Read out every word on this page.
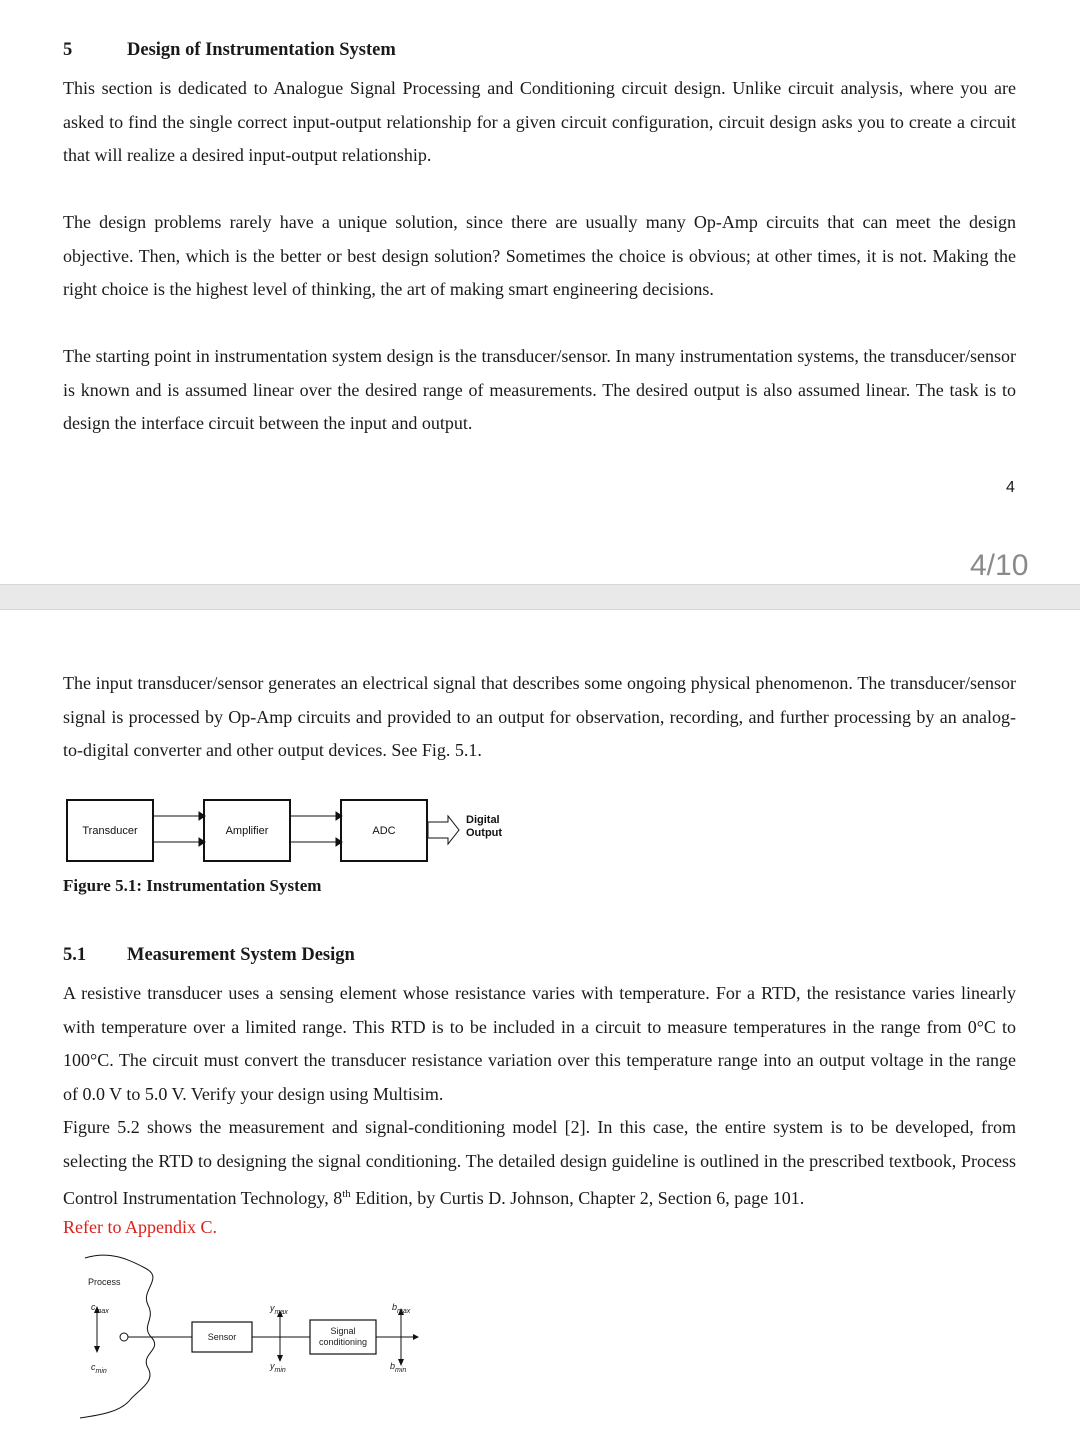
5	Design of Instrumentation System

This section is dedicated to Analogue Signal Processing and Conditioning circuit design. Unlike circuit analysis, where you are asked to find the single correct input-output relationship for a given circuit configuration, circuit design asks you to create a circuit that will realize a desired input-output relationship.

The design problems rarely have a unique solution, since there are usually many Op-Amp circuits that can meet the design objective. Then, which is the better or best design solution? Sometimes the choice is obvious; at other times, it is not. Making the right choice is the highest level of thinking, the art of making smart engineering decisions.

The starting point in instrumentation system design is the transducer/sensor. In many instrumentation systems, the transducer/sensor is known and is assumed linear over the desired range of measurements. The desired output is also assumed linear. The task is to design the interface circuit between the input and output.

4
4/10

The input transducer/sensor generates an electrical signal that describes some ongoing physical phenomenon. The transducer/sensor signal is processed by Op-Amp circuits and provided to an output for observation, recording, and further processing by an analog-to-digital converter and other output devices. See Fig. 5.1.

Transducer	Amplifier	ADC
Digital
Output
Figure 5.1: Instrumentation System
5.1 Measurement System Design

A resistive transducer uses a sensing element whose resistance varies with temperature. For a RTD, the resistance varies linearly with temperature over a limited range. This RTD is to be included in a circuit to measure temperatures in the range from 0°C to 100°C. The circuit must convert the transducer resistance variation over this temperature range into an output voltage in the range of 0.0 V to 5.0 V. Verify your design using Multisim.

Figure 5.2 shows the measurement and signal-conditioning model [2]. In this case, the entire system is to be developed, from selecting the RTD to designing the signal conditioning. The detailed design guideline is outlined in the prescribed textbook, Process Control Instrumentation Technology, 8th Edition, by Curtis D. Johnson, Chapter 2, Section 6, page 101.

Refer to Appendix C.
Process
$c_{max}$
$c_{min}$
Sensor
$y_{max}$
$y_{min}$
Signal
conditioning
$b_{max}$
$b_{min}$
